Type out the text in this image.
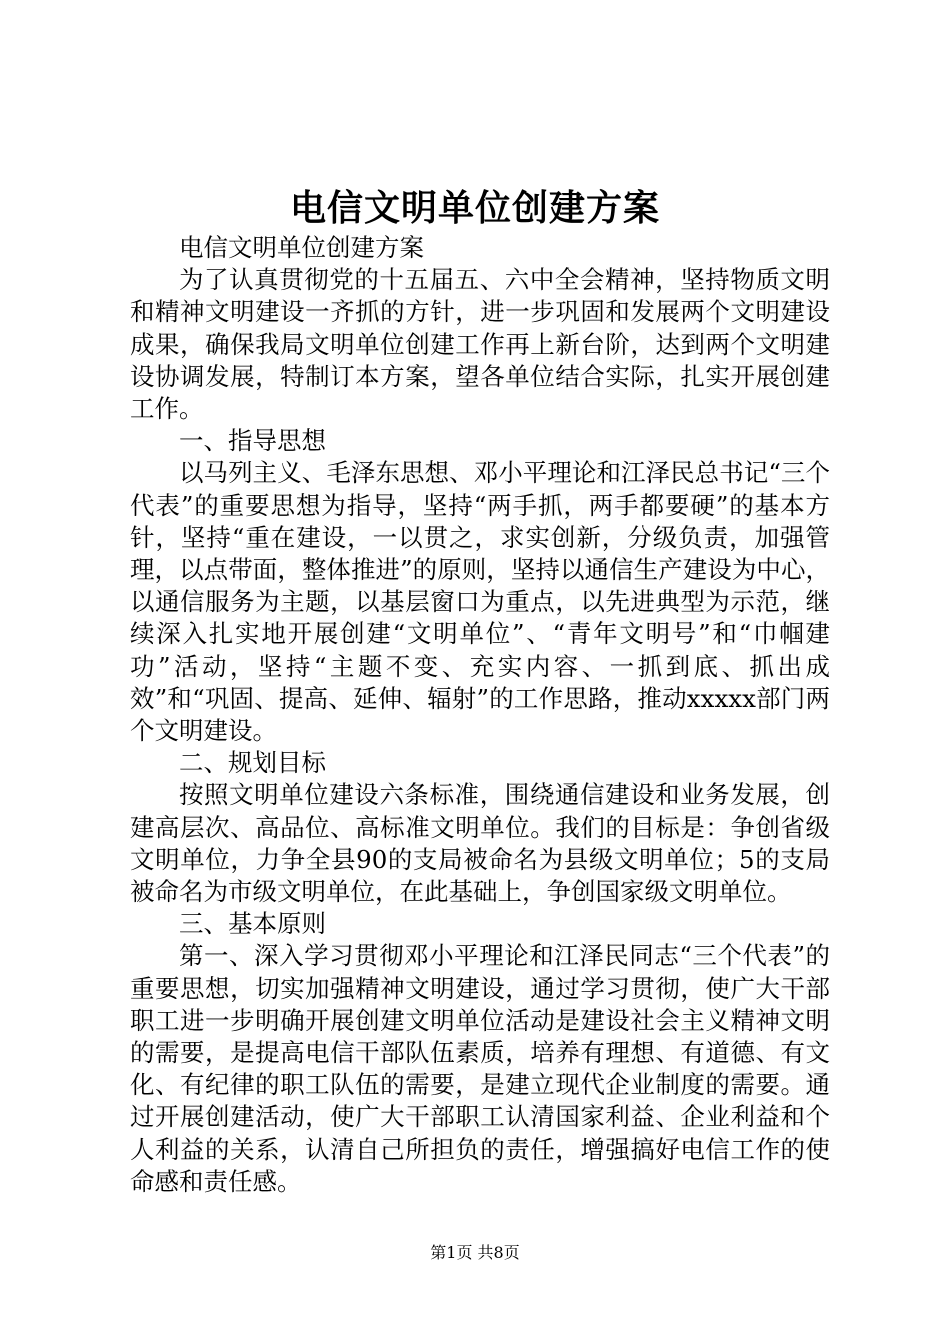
电信文明单位创建方案

电信文明单位创建方案

为了认真贯彻党的十五届五、六中全会精神，坚持物质文明和精神文明建设一齐抓的方针，进一步巩固和发展两个文明建设成果，确保我局文明单位创建工作再上新台阶，达到两个文明建设协调发展，特制订本方案，望各单位结合实际，扎实开展创建工作。

一、指导思想

以马列主义、毛泽东思想、邓小平理论和江泽民总书记“三个代表”的重要思想为指导，坚持“两手抓，两手都要硬”的基本方针，坚持“重在建设，一以贯之，求实创新，分级负责，加强管理，以点带面，整体推进”的原则，坚持以通信生产建设为中心，以通信服务为主题，以基层窗口为重点，以先进典型为示范，继续深入扎实地开展创建“文明单位”、“青年文明号”和“巾帼建功”活动，坚持“主题不变、充实内容、一抓到底、抓出成效”和“巩固、提高、延伸、辐射”的工作思路，推动xxxxx部门两个文明建设。

二、规划目标

按照文明单位建设六条标准，围绕通信建设和业务发展，创建高层次、高品位、高标准文明单位。我们的目标是：争创省级文明单位，力争全县90的支局被命名为县级文明单位；5的支局被命名为市级文明单位，在此基础上，争创国家级文明单位。

三、基本原则

第一、深入学习贯彻邓小平理论和江泽民同志“三个代表”的重要思想，切实加强精神文明建设，通过学习贯彻，使广大干部职工进一步明确开展创建文明单位活动是建设社会主义精神文明的需要，是提高电信干部队伍素质，培养有理想、有道德、有文化、有纪律的职工队伍的需要，是建立现代企业制度的需要。通过开展创建活动，使广大干部职工认清国家利益、企业利益和个人利益的关系，认清自己所担负的责任，增强搞好电信工作的使命感和责任感。

第1页 共8页
